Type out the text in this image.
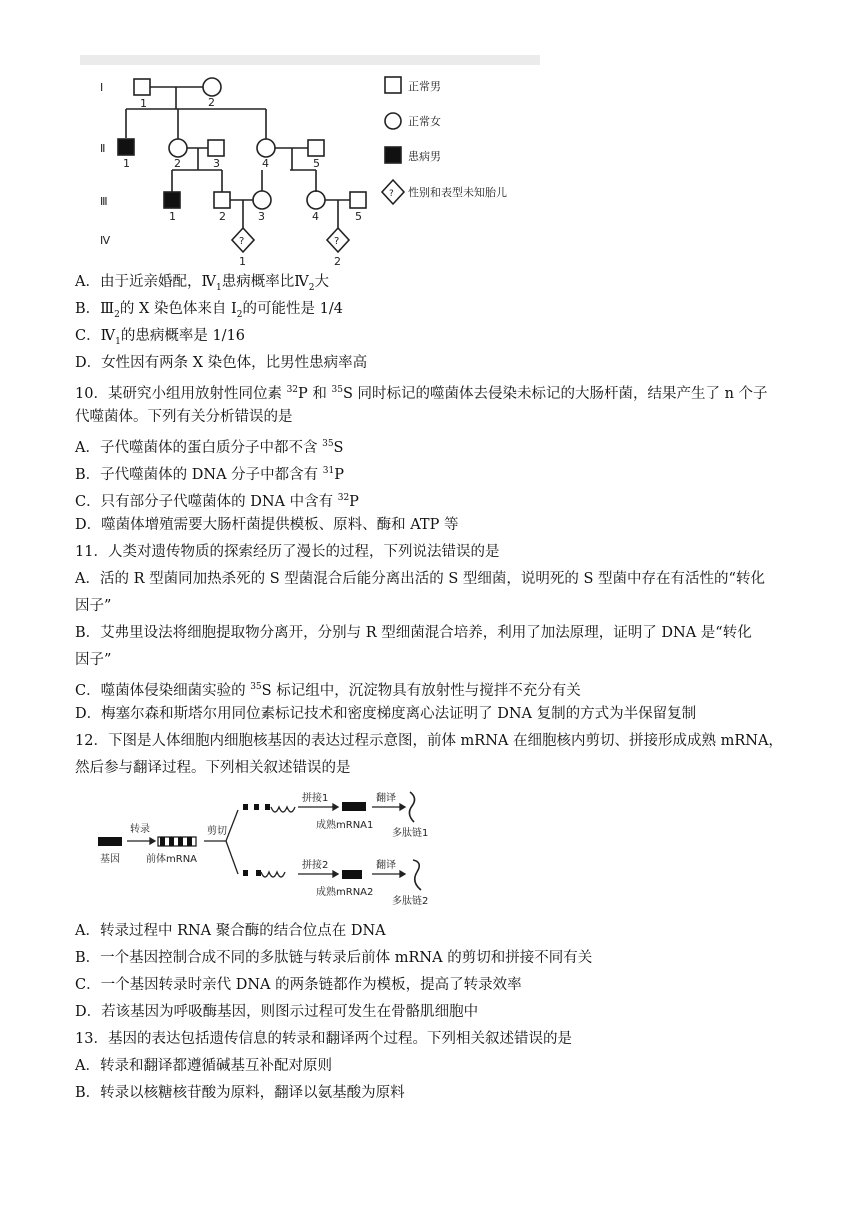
Ⅰ
Ⅱ
Ⅲ
Ⅳ
1	2
1	2	3	4	5
1	2	3	4	5
1	2
?	?
?
正常男
正常女
患病男
性别和表型未知胎儿
A．由于近亲婚配，$Ⅳ_1$患病概率比$Ⅳ_2$大
B．$Ⅲ_2$的 X 染色体来自 $I_2$的可能性是 1/4
C．$Ⅳ_1$的患病概率是 1/16
D．女性因有两条 X 染色体，比男性患病率高
10．某研究小组用放射性同位素 $^{32}$P 和 $^{35}$S 同时标记的噬菌体去侵染未标记的大肠杆菌，结果产生了 n 个子
代噬菌体。下列有关分析错误的是
A．子代噬菌体的蛋白质分子中都不含 $^{35}$S
B．子代噬菌体的 DNA 分子中都含有 $^{31}$P
C．只有部分子代噬菌体的 DNA 中含有 $^{32}$P
D．噬菌体增殖需要大肠杆菌提供模板、原料、酶和 ATP 等
11．人类对遗传物质的探索经历了漫长的过程，下列说法错误的是
A．活的 R 型菌同加热杀死的 S 型菌混合后能分离出活的 S 型细菌，说明死的 S 型菌中存在有活性的“转化
因子”
B．艾弗里设法将细胞提取物分离开，分别与 R 型细菌混合培养，利用了加法原理，证明了 DNA 是“转化
因子”
C．噬菌体侵染细菌实验的 $^{35}$S 标记组中，沉淀物具有放射性与搅拌不充分有关
D．梅塞尔森和斯塔尔用同位素标记技术和密度梯度离心法证明了 DNA 复制的方式为半保留复制
12．下图是人体细胞内细胞核基因的表达过程示意图，前体 mRNA 在细胞核内剪切、拼接形成成熟 mRNA，
然后参与翻译过程。下列相关叙述错误的是
基因
转录
前体mRNA
剪切
拼接1
拼接2
成熟mRNA1
成熟mRNA2
翻译
翻译
多肽链1
多肽链2
A．转录过程中 RNA 聚合酶的结合位点在 DNA
B．一个基因控制合成不同的多肽链与转录后前体 mRNA 的剪切和拼接不同有关
C．一个基因转录时亲代 DNA 的两条链都作为模板，提高了转录效率
D．若该基因为呼吸酶基因，则图示过程可发生在骨骼肌细胞中
13．基因的表达包括遗传信息的转录和翻译两个过程。下列相关叙述错误的是
A．转录和翻译都遵循碱基互补配对原则
B．转录以核糖核苷酸为原料，翻译以氨基酸为原料
